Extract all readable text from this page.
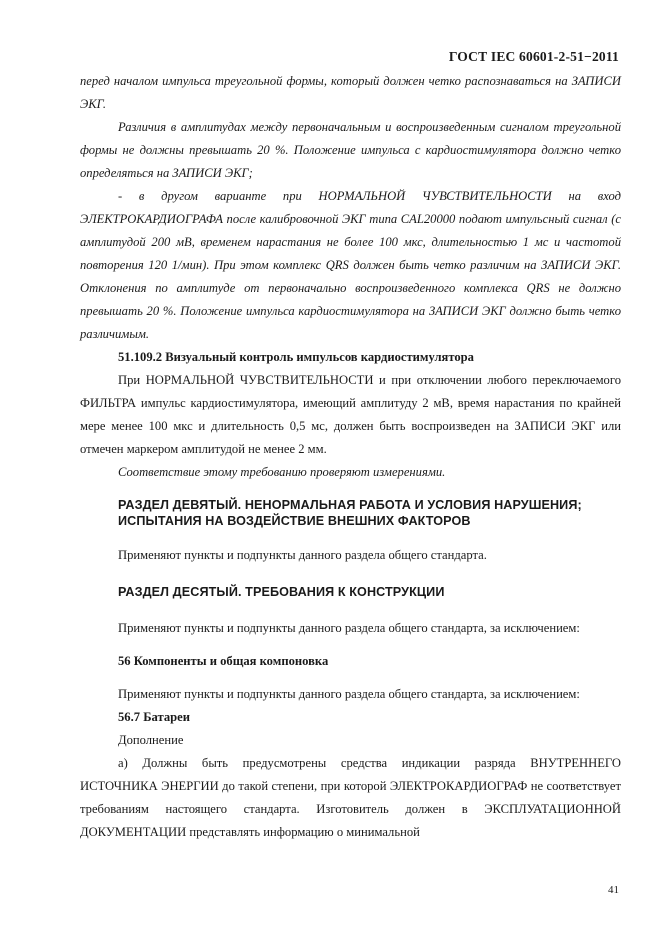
ГОСТ IEC 60601-2-51−2011
перед началом импульса треугольной формы, который должен четко распознаваться на ЗАПИСИ ЭКГ.
Различия в амплитудах между первоначальным и воспроизведенным сигналом треугольной формы не должны превышать 20 %. Положение импульса с кардиостимулятора должно четко определяться на ЗАПИСИ ЭКГ;
- в другом варианте при НОРМАЛЬНОЙ ЧУВСТВИТЕЛЬНОСТИ на вход ЭЛЕКТРОКАРДИОГРАФА после калибровочной ЭКГ типа CAL20000 подают импульсный сигнал (с амплитудой 200 мВ, временем нарастания не более 100 мкс, длительностью 1 мс и частотой повторения 120 1/мин). При этом комплекс QRS должен быть четко различим на ЗАПИСИ ЭКГ. Отклонения по амплитуде от первоначально воспроизведенного комплекса QRS не должно превышать 20 %. Положение импульса кардиостимулятора на ЗАПИСИ ЭКГ должно быть четко различимым.
51.109.2 Визуальный контроль импульсов кардиостимулятора
При НОРМАЛЬНОЙ ЧУВСТВИТЕЛЬНОСТИ и при отключении любого переключаемого ФИЛЬТРА импульс кардиостимулятора, имеющий амплитуду 2 мВ, время нарастания по крайней мере менее 100 мкс и длительность 0,5 мс, должен быть воспроизведен на ЗАПИСИ ЭКГ или отмечен маркером амплитудой не менее 2 мм.
Соответствие этому требованию проверяют измерениями.
РАЗДЕЛ ДЕВЯТЫЙ. НЕНОРМАЛЬНАЯ РАБОТА И УСЛОВИЯ НАРУШЕНИЯ;
ИСПЫТАНИЯ НА ВОЗДЕЙСТВИЕ ВНЕШНИХ ФАКТОРОВ
Применяют пункты и подпункты данного раздела общего стандарта.
РАЗДЕЛ ДЕСЯТЫЙ. ТРЕБОВАНИЯ К КОНСТРУКЦИИ
Применяют пункты и подпункты данного раздела общего стандарта, за исключением:
56 Компоненты и общая компоновка
Применяют пункты и подпункты данного раздела общего стандарта, за исключением:
56.7 Батареи
Дополнение
а) Должны быть предусмотрены средства индикации разряда ВНУТРЕННЕГО ИСТОЧНИКА ЭНЕРГИИ до такой степени, при которой ЭЛЕКТРОКАРДИОГРАФ не соответствует требованиям настоящего стандарта. Изготовитель должен в ЭКСПЛУАТАЦИОННОЙ ДОКУМЕНТАЦИИ представлять информацию о минимальной
41
